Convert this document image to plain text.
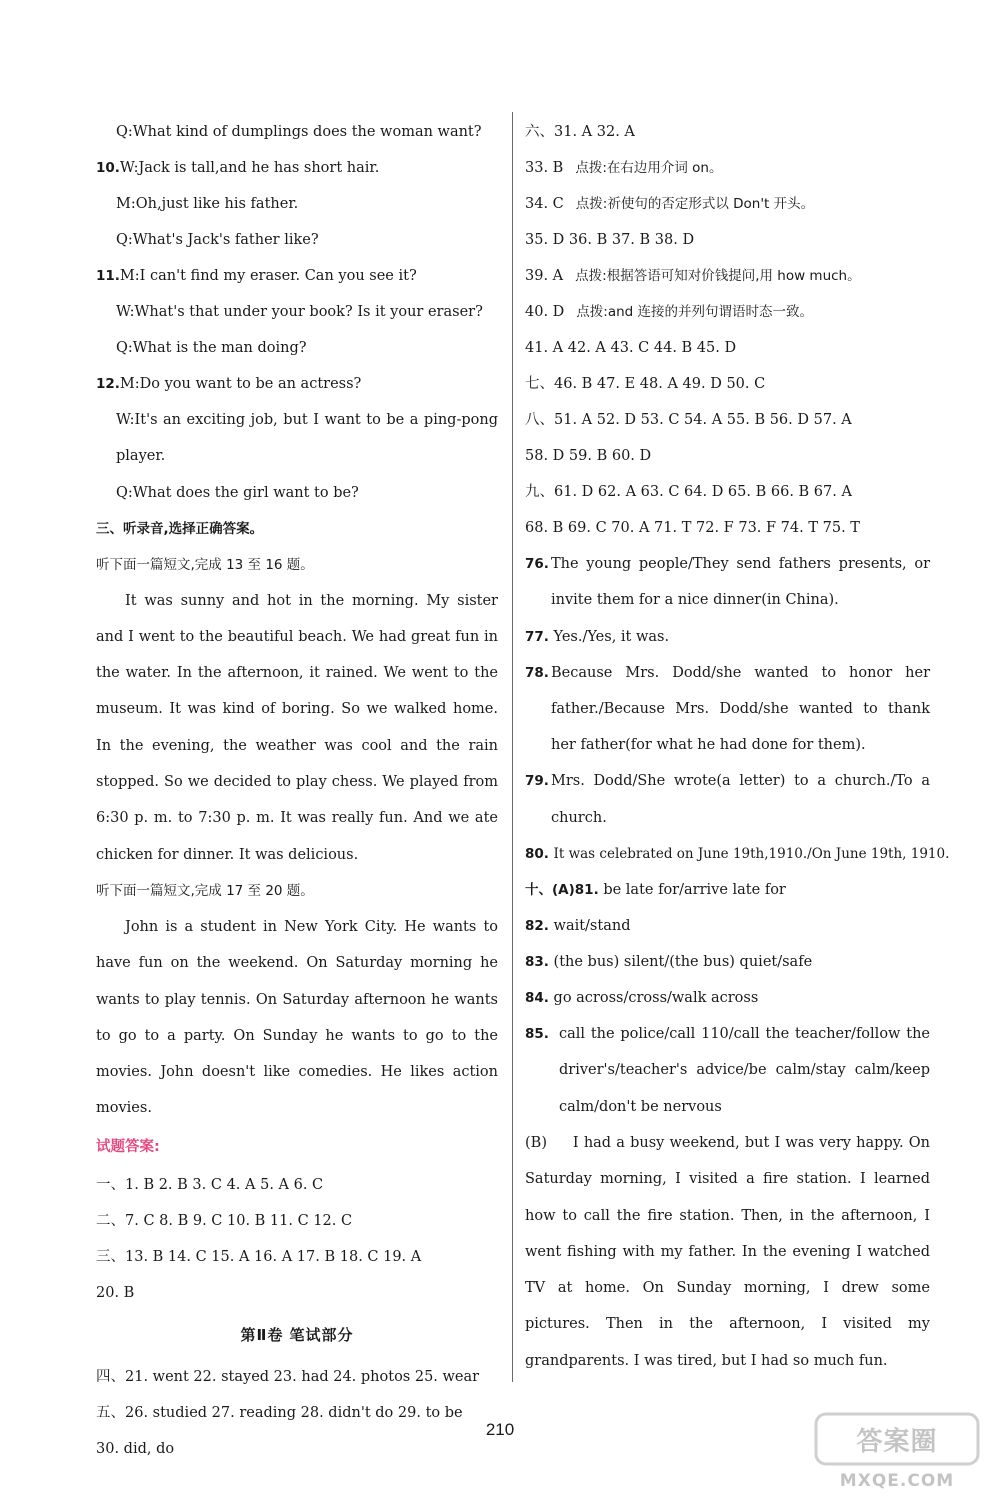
Q:What kind of dumplings does the woman want?
10.W:Jack is tall,and he has short hair.
M:Oh,just like his father.
Q:What's Jack's father like?
11.M:I can't find my eraser. Can you see it?
W:What's that under your book? Is it your eraser?
Q:What is the man doing?
12.M:Do you want to be an actress?

W:It's an exciting job, but I want to be a ping-pong player.

Q:What does the girl want to be?
三、听录音,选择正确答案。
听下面一篇短文,完成 13 至 16 题。

It was sunny and hot in the morning. My sister and I went to the beautiful beach. We had great fun in the water. In the afternoon, it rained. We went to the museum. It was kind of boring. So we walked home. In the evening, the weather was cool and the rain stopped. So we decided to play chess. We played from 6:30 p. m. to 7:30 p. m. It was really fun. And we ate chicken for dinner. It was delicious.

听下面一篇短文,完成 17 至 20 题。

John is a student in New York City. He wants to have fun on the weekend. On Saturday morning he wants to play tennis. On Saturday afternoon he wants to go to a party. On Sunday he wants to go to the movies. John doesn't like comedies. He likes action movies.

试题答案:
一、1. B 2. B 3. C 4. A 5. A 6. C
二、7. C 8. B 9. C 10. B 11. C 12. C
三、13. B 14. C 15. A 16. A 17. B 18. C 19. A
20. B
第Ⅱ卷 笔试部分
四、21. went 22. stayed 23. had 24. photos 25. wear
五、26. studied 27. reading 28. didn't do 29. to be
30. did, do
六、31. A 32. A
33. B 点拨:在右边用介词 on。
34. C 点拨:祈使句的否定形式以 Don't 开头。
35. D 36. B 37. B 38. D
39. A 点拨:根据答语可知对价钱提问,用 how much。
40. D 点拨:and 连接的并列句谓语时态一致。
41. A 42. A 43. C 44. B 45. D
七、46. B 47. E 48. A 49. D 50. C
八、51. A 52. D 53. C 54. A 55. B 56. D 57. A
58. D 59. B 60. D
九、61. D 62. A 63. C 64. D 65. B 66. B 67. A
68. B 69. C 70. A 71. T 72. F 73. F 74. T 75. T
76. The young people/They send fathers presents, or invite them for a nice dinner(in China).

77. Yes./Yes, it was.
78. Because Mrs. Dodd/she wanted to honor her father./Because Mrs. Dodd/she wanted to thank her father(for what he had done for them).

79. Mrs. Dodd/She wrote(a letter) to a church./To a church.

80. It was celebrated on June 19th,1910./On June 19th, 1910.
十、(A)81. be late for/arrive late for
82. wait/stand
83. (the bus) silent/(the bus) quiet/safe
84. go across/cross/walk across
85. call the police/call 110/call the teacher/follow the driver's/teacher's advice/be calm/stay calm/keep calm/don't be nervous

(B) I had a busy weekend, but I was very happy. On Saturday morning, I visited a fire station. I learned how to call the fire station. Then, in the afternoon, I went fishing with my father. In the evening I watched TV at home. On Sunday morning, I drew some pictures. Then in the afternoon, I visited my grandparents. I was tired, but I had so much fun.

210	答案圈
MXQE.COM
